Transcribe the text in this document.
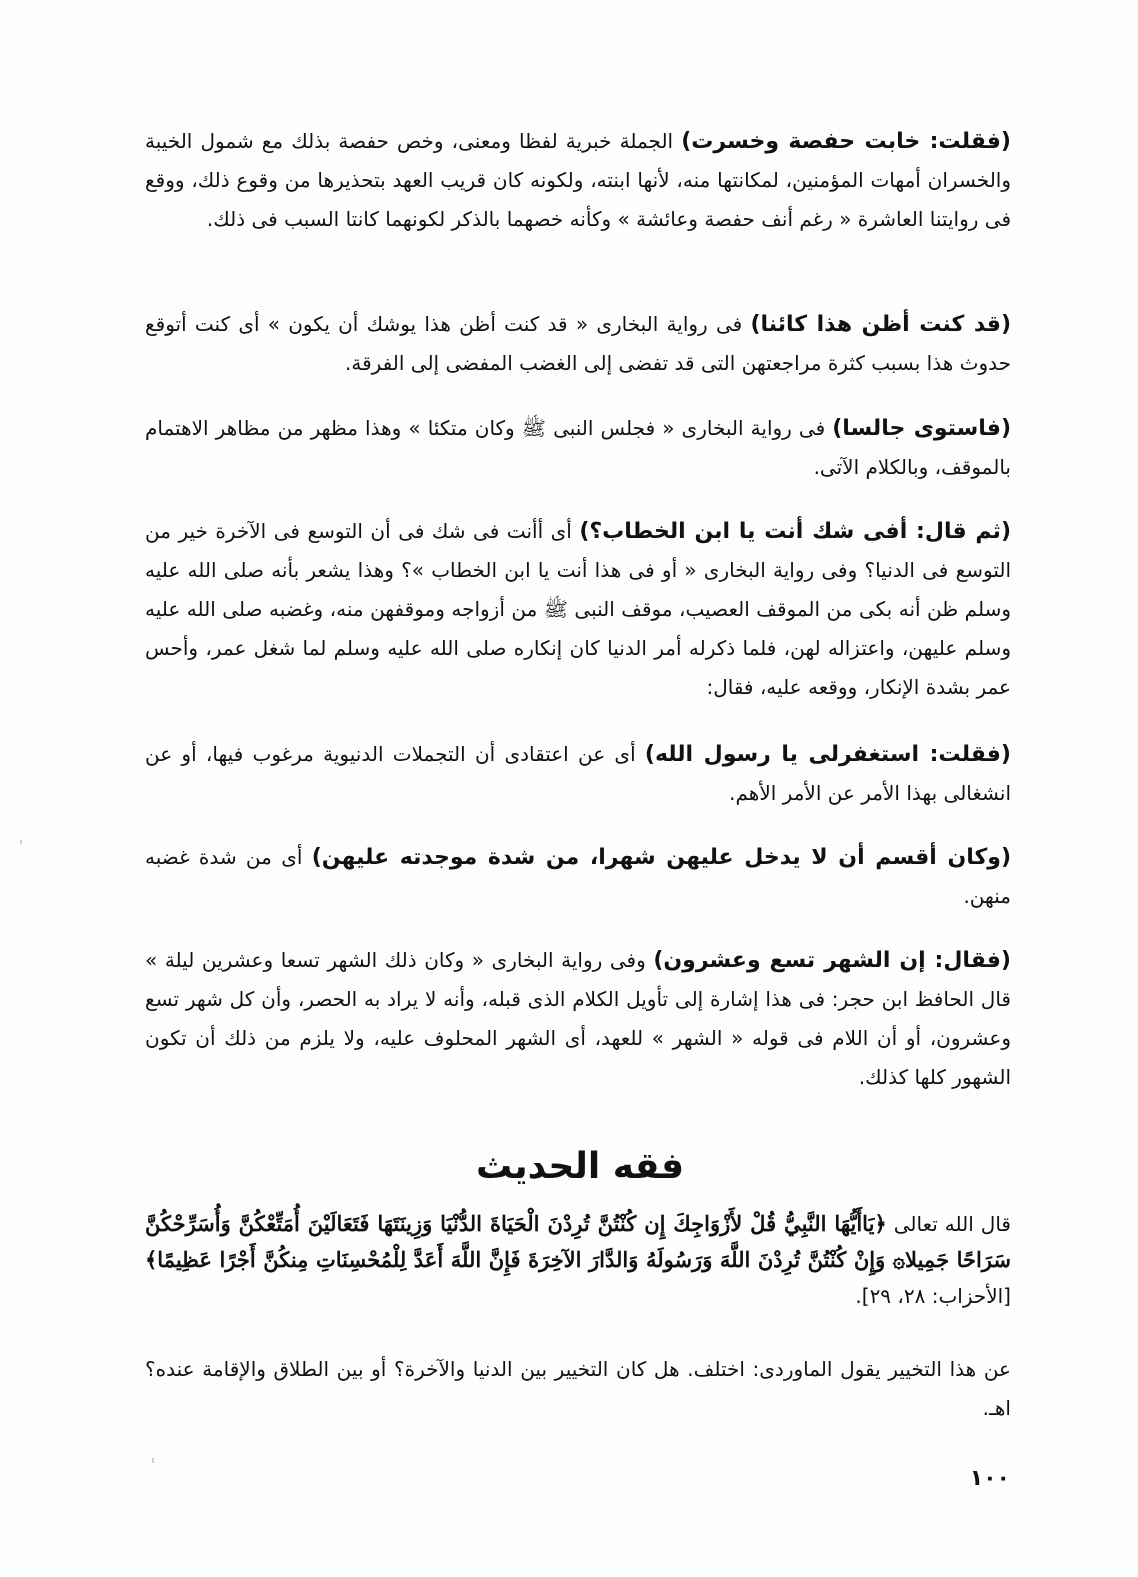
(فقلت: خابت حفصة وخسرت) الجملة خبرية لفظا ومعنى، وخص حفصة بذلك مع شمول الخيبة والخسران أمهات المؤمنين، لمكانتها منه، لأنها ابنته، ولكونه كان قريب العهد بتحذيرها من وقوع ذلك، ووقع فى روايتنا العاشرة « رغم أنف حفصة وعائشة » وكأنه خصهما بالذكر لكونهما كانتا السبب فى ذلك.

(قد كنت أظن هذا كائنا) فى رواية البخارى « قد كنت أظن هذا يوشك أن يكون » أى كنت أتوقع حدوث هذا بسبب كثرة مراجعتهن التى قد تفضى إلى الغضب المفضى إلى الفرقة.

(فاستوى جالسا) فى رواية البخارى « فجلس النبى ﷺ وكان متكئا » وهذا مظهر من مظاهر الاهتمام بالموقف، وبالكلام الآتى.

(ثم قال: أفى شك أنت يا ابن الخطاب؟) أى أأنت فى شك فى أن التوسع فى الآخرة خير من التوسع فى الدنيا؟ وفى رواية البخارى « أو فى هذا أنت يا ابن الخطاب »؟ وهذا يشعر بأنه صلى الله عليه وسلم ظن أنه بكى من الموقف العصيب، موقف النبى ﷺ من أزواجه وموقفهن منه، وغضبه صلى الله عليه وسلم عليهن، واعتزاله لهن، فلما ذكرله أمر الدنيا كان إنكاره صلى الله عليه وسلم لما شغل عمر، وأحس عمر بشدة الإنكار، ووقعه عليه، فقال:

(فقلت: استغفرلى يا رسول الله) أى عن اعتقادى أن التجملات الدنيوية مرغوب فيها، أو عن انشغالى بهذا الأمر عن الأمر الأهم.

(وكان أقسم أن لا يدخل عليهن شهرا، من شدة موجدته عليهن) أى من شدة غضبه منهن.

(فقال: إن الشهر تسع وعشرون) وفى رواية البخارى « وكان ذلك الشهر تسعا وعشرين ليلة » قال الحافظ ابن حجر: فى هذا إشارة إلى تأويل الكلام الذى قبله، وأنه لا يراد به الحصر، وأن كل شهر تسع وعشرون، أو أن اللام فى قوله « الشهر » للعهد، أى الشهر المحلوف عليه، ولا يلزم من ذلك أن تكون الشهور كلها كذلك.

فقه الحديث

قال الله تعالى ﴿يَاأَيُّهَا النَّبِيُّ قُلْ لأَزْوَاجِكَ إِن كُنْتُنَّ تُرِدْنَ الْحَيَاةَ الدُّنْيَا وَزِينَتَهَا فَتَعَالَيْنَ أُمَتِّعْكُنَّ وَأُسَرِّحْكُنَّ سَرَاحًا جَمِيلا۞ وَإِنْ كُنْتُنَّ تُرِدْنَ اللَّهَ وَرَسُولَهُ وَالدَّارَ الآخِرَةَ فَإِنَّ اللَّهَ أَعَدَّ لِلْمُحْسِنَاتِ مِنكُنَّ أَجْرًا عَظِيمًا﴾ [الأحزاب: ٢٨، ٢٩].

عن هذا التخيير يقول الماوردى: اختلف. هل كان التخيير بين الدنيا والآخرة؟ أو بين الطلاق والإقامة عنده؟ اهـ.

١٠٠
